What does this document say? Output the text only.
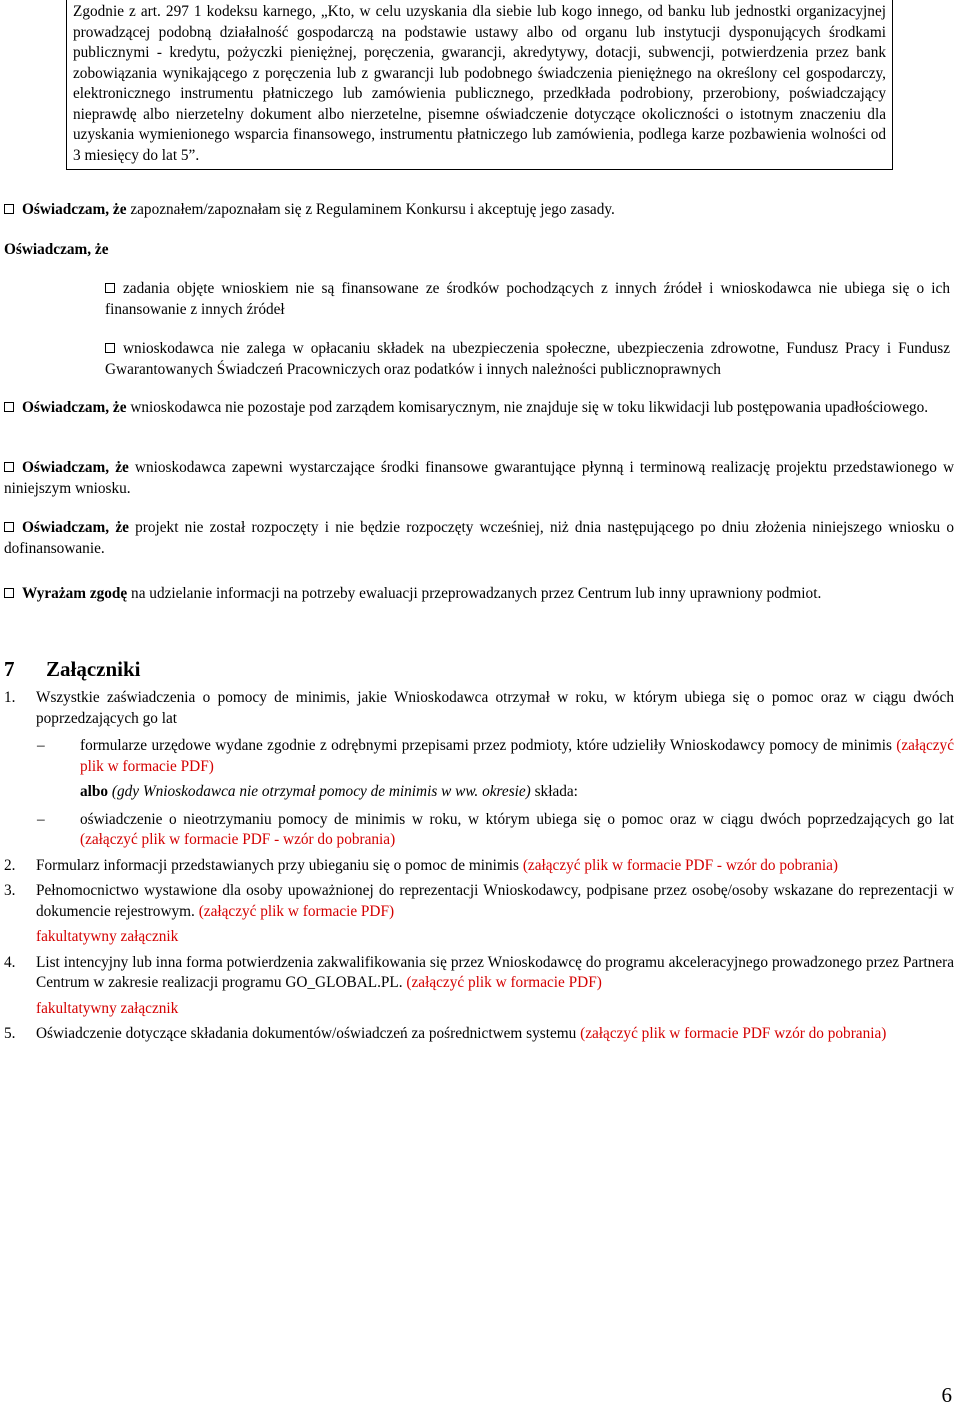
Zgodnie z art. 297 1 kodeksu karnego, „Kto, w celu uzyskania dla siebie lub kogo innego, od banku lub jednostki organizacyjnej prowadzącej podobną działalność gospodarczą na podstawie ustawy albo od organu lub instytucji dysponujących środkami publicznymi - kredytu, pożyczki pieniężnej, poręczenia, gwarancji, akredytywy, dotacji, subwencji, potwierdzenia przez bank zobowiązania wynikającego z poręczenia lub z gwarancji lub podobnego świadczenia pieniężnego na określony cel gospodarczy, elektronicznego instrumentu płatniczego lub zamówienia publicznego, przedkłada podrobiony, przerobiony, poświadczający nieprawdę albo nierzetelny dokument albo nierzetelne, pisemne oświadczenie dotyczące okoliczności o istotnym znaczeniu dla uzyskania wymienionego wsparcia finansowego, instrumentu płatniczego lub zamówienia, podlega karze pozbawienia wolności od 3 miesięcy do lat 5”.
Oświadczam, że zapoznałem/zapoznałam się z Regulaminem Konkursu i akceptuję jego zasady.
Oświadczam, że
zadania objęte wnioskiem nie są finansowane ze środków pochodzących z innych źródeł i wnioskodawca nie ubiega się o ich finansowanie z innych źródeł
wnioskodawca nie zalega w opłacaniu składek na ubezpieczenia społeczne, ubezpieczenia zdrowotne, Fundusz Pracy i Fundusz Gwarantowanych Świadczeń Pracowniczych oraz podatków i innych należności publicznoprawnych
Oświadczam, że wnioskodawca nie pozostaje pod zarządem komisarycznym, nie znajduje się w toku likwidacji lub postępowania upadłościowego.
Oświadczam, że wnioskodawca zapewni wystarczające środki finansowe gwarantujące płynną i terminową realizację projektu przedstawionego w niniejszym wniosku.
Oświadczam, że projekt nie został rozpoczęty i nie będzie rozpoczęty wcześniej, niż dnia następującego po dniu złożenia niniejszego wniosku o dofinansowanie.
Wyrażam zgodę na udzielanie informacji na potrzeby ewaluacji przeprowadzanych przez Centrum lub inny uprawniony podmiot.
7 Załączniki
1. Wszystkie zaświadczenia o pomocy de minimis, jakie Wnioskodawca otrzymał w roku, w którym ubiega się o pomoc oraz w ciągu dwóch poprzedzających go lat
– formularze urzędowe wydane zgodnie z odrębnymi przepisami przez podmioty, które udzieliły Wnioskodawcy pomocy de minimis (załączyć plik w formacie PDF)
albo (gdy Wnioskodawca nie otrzymał pomocy de minimis w ww. okresie) składa:
– oświadczenie o nieotrzymaniu pomocy de minimis w roku, w którym ubiega się o pomoc oraz w ciągu dwóch poprzedzających go lat (załączyć plik w formacie PDF - wzór do pobrania)
2. Formularz informacji przedstawianych przy ubieganiu się o pomoc de minimis (załączyć plik w formacie PDF - wzór do pobrania)
3. Pełnomocnictwo wystawione dla osoby upoważnionej do reprezentacji Wnioskodawcy, podpisane przez osobę/osoby wskazane do reprezentacji w dokumencie rejestrowym. (załączyć plik w formacie PDF)
fakultatywny załącznik
4. List intencyjny lub inna forma potwierdzenia zakwalifikowania się przez Wnioskodawcę do programu akceleracyjnego prowadzonego przez Partnera Centrum w zakresie realizacji programu GO_GLOBAL.PL. (załączyć plik w formacie PDF)
fakultatywny załącznik
5. Oświadczenie dotyczące składania dokumentów/oświadczeń za pośrednictwem systemu (załączyć plik w formacie PDF wzór do pobrania)
6
